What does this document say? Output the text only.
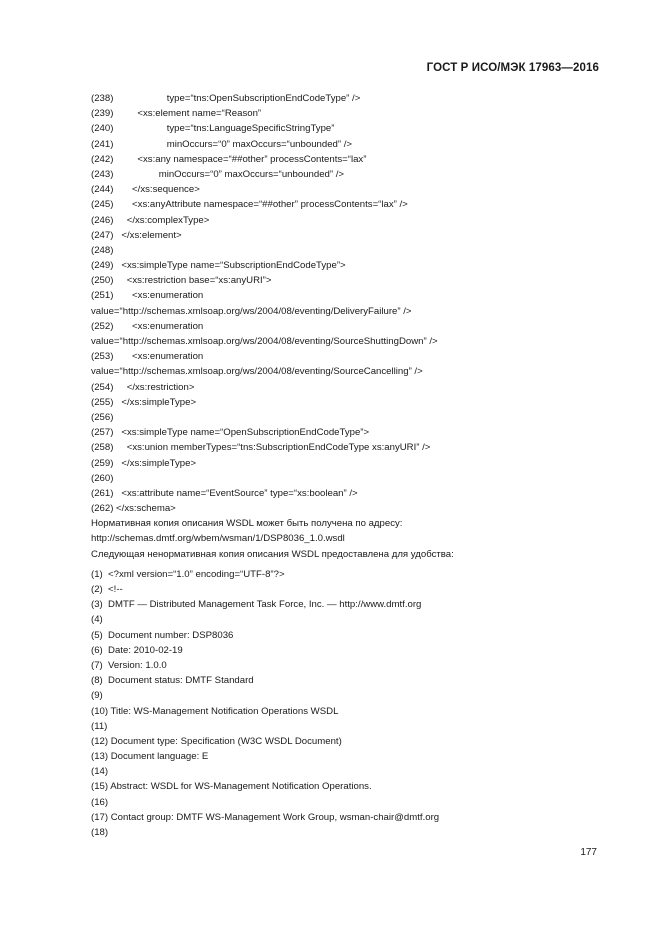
ГОСТ Р ИСО/МЭК 17963—2016
(238)                    type=“tns:OpenSubscriptionEndCodeType” />
(239)         <xs:element name=“Reason”
(240)                    type=“tns:LanguageSpecificStringType”
(241)                    minOccurs=“0” maxOccurs=“unbounded” />
(242)         <xs:any namespace=“##other” processContents=“lax”
(243)                 minOccurs=“0” maxOccurs=“unbounded” />
(244)       </xs:sequence>
(245)       <xs:anyAttribute namespace=“##other” processContents=“lax” />
(246)     </xs:complexType>
(247)   </xs:element>
(248)
(249)   <xs:simpleType name=“SubscriptionEndCodeType”>
(250)     <xs:restriction base=“xs:anyURI”>
(251)       <xs:enumeration
value=“http://schemas.xmlsoap.org/ws/2004/08/eventing/DeliveryFailure” />
(252)       <xs:enumeration
value=“http://schemas.xmlsoap.org/ws/2004/08/eventing/SourceShuttingDown” />
(253)       <xs:enumeration
value=“http://schemas.xmlsoap.org/ws/2004/08/eventing/SourceCancelling” />
(254)     </xs:restriction>
(255)   </xs:simpleType>
(256)
(257)   <xs:simpleType name=“OpenSubscriptionEndCodeType”>
(258)     <xs:union memberTypes=“tns:SubscriptionEndCodeType xs:anyURI” />
(259)   </xs:simpleType>
(260)
(261)   <xs:attribute name=“EventSource” type=“xs:boolean” />
(262) </xs:schema>
Нормативная копия описания WSDL может быть получена по адресу:
http://schemas.dmtf.org/wbem/wsman/1/DSP8036_1.0.wsdl
Следующая ненормативная копия описания WSDL предоставлена для удобства:
(1)  <?xml version=“1.0” encoding=“UTF-8”?>
(2)  <!--
(3)  DMTF — Distributed Management Task Force, Inc. — http://www.dmtf.org
(4)
(5)  Document number: DSP8036
(6)  Date: 2010-02-19
(7)  Version: 1.0.0
(8)  Document status: DMTF Standard
(9)
(10) Title: WS-Management Notification Operations WSDL
(11)
(12) Document type: Specification (W3C WSDL Document)
(13) Document language: E
(14)
(15) Abstract: WSDL for WS-Management Notification Operations.
(16)
(17) Contact group: DMTF WS-Management Work Group, wsman-chair@dmtf.org
(18)
177
